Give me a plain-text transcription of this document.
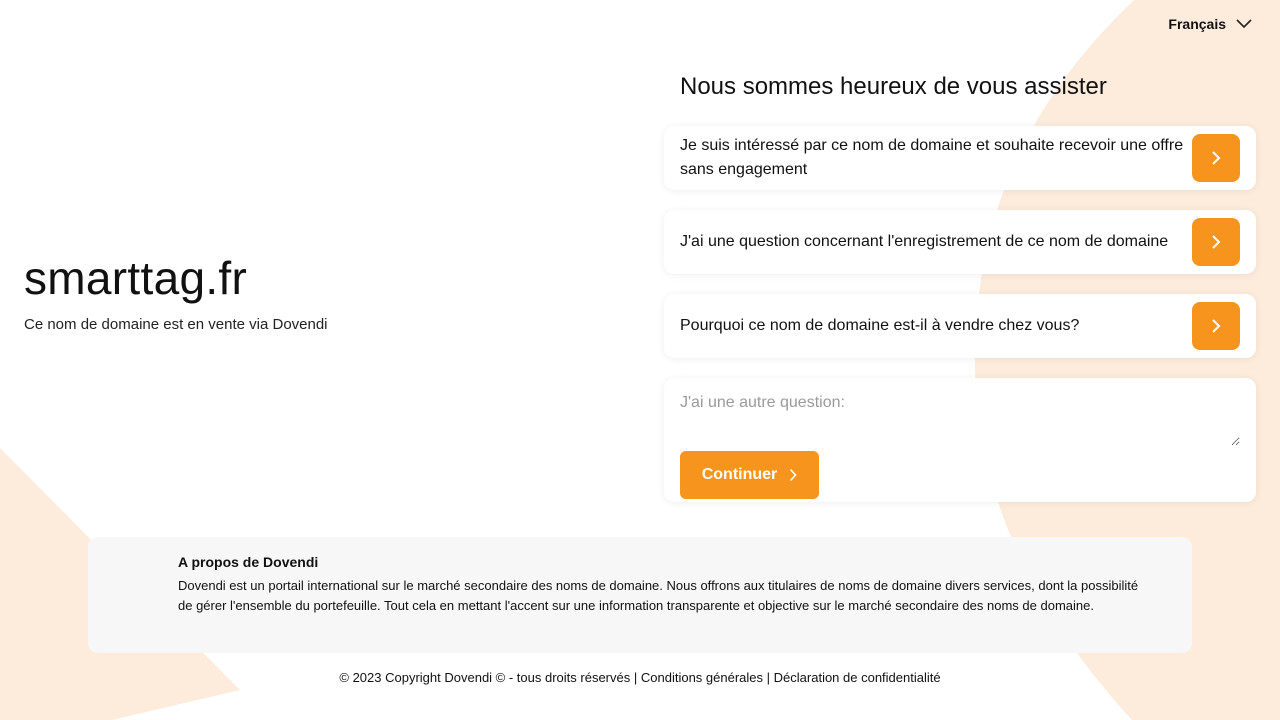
Français
smarttag.fr
Ce nom de domaine est en vente via Dovendi
Nous sommes heureux de vous assister
Je suis intéressé par ce nom de domaine et souhaite recevoir une offre sans engagement
J'ai une question concernant l'enregistrement de ce nom de domaine
Pourquoi ce nom de domaine est-il à vendre chez vous?
J'ai une autre question:
Continuer
A propos de Dovendi
Dovendi est un portail international sur le marché secondaire des noms de domaine. Nous offrons aux titulaires de noms de domaine divers services, dont la possibilité de gérer l'ensemble du portefeuille. Tout cela en mettant l'accent sur une information transparente et objective sur le marché secondaire des noms de domaine.
© 2023 Copyright Dovendi © - tous droits réservés | Conditions générales | Déclaration de confidentialité
